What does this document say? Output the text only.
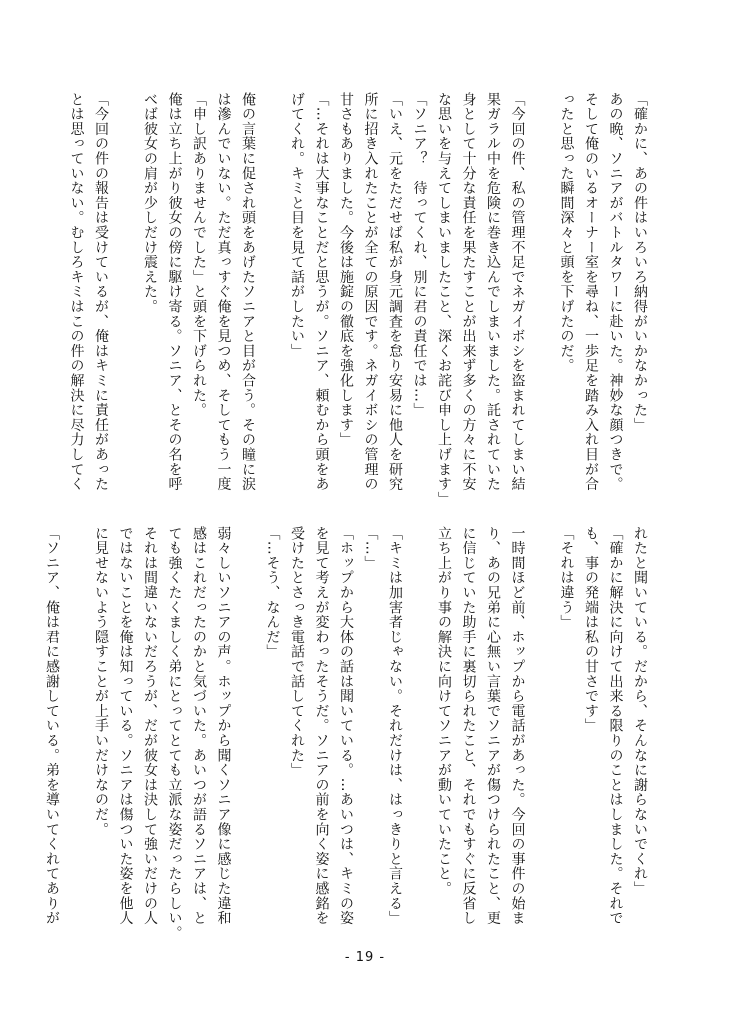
「確かに、あの件はいろいろ納得がいかなかった」
あの晩、ソニアがバトルタワーに赴いた。神妙な顔つきで。
そして俺のいるオーナー室を尋ね、一歩足を踏み入れ目が合
ったと思った瞬間深々と頭を下げたのだ。
「今回の件、私の管理不足でネガイボシを盗まれてしまい結
果ガラル中を危険に巻き込んでしまいました。託されていた
身として十分な責任を果たすことが出来ず多くの方々に不安
な思いを与えてしまいましたこと、深くお詫び申し上げます」
「ソニア？　待ってくれ、別に君の責任では…」
「いえ、元をただせば私が身元調査を怠り安易に他人を研究
所に招き入れたことが全ての原因です。ネガイボシの管理の
甘さもありました。今後は施錠の徹底を強化します」
「…それは大事なことだと思うが。ソニア、頼むから頭をあ
げてくれ。キミと目を見て話がしたい」
俺の言葉に促され頭をあげたソニアと目が合う。その瞳に涙
は滲んでいない。ただ真っすぐ俺を見つめ、そしてもう一度
「申し訳ありませんでした」と頭を下げられた。
俺は立ち上がり彼女の傍に駆け寄る。ソニア、とその名を呼
べば彼女の肩が少しだけ震えた。
「今回の件の報告は受けているが、俺はキミに責任があった
とは思っていない。むしろキミはこの件の解決に尽力してく
れたと聞いている。だから、そんなに謝らないでくれ」
「確かに解決に向けて出来る限りのことはしました。それで
も、事の発端は私の甘さです」
「それは違う」
一時間ほど前、ホップから電話があった。今回の事件の始ま
り、あの兄弟に心無い言葉でソニアが傷つけられたこと、更
に信じていた助手に裏切られたこと、それでもすぐに反省し
立ち上がり事の解決に向けてソニアが動いていたこと。
「キミは加害者じゃない。それだけは、はっきりと言える」
「…」
「ホップから大体の話は聞いている。…あいつは、キミの姿
を見て考えが変わったそうだ。ソニアの前を向く姿に感銘を
受けたとさっき電話で話してくれた」
「…そう、なんだ」
弱々しいソニアの声。ホップから聞くソニア像に感じた違和
感はこれだったのかと気づいた。あいつが語るソニアは、と
ても強くたくましく弟にとってとても立派な姿だったらしい。
それは間違いないだろうが、だが彼女は決して強いだけの人
ではないことを俺は知っている。ソニアは傷ついた姿を他人
に見せないよう隠すことが上手いだけなのだ。
「ソニア、俺は君に感謝している。弟を導いてくれてありが
- 19 -
